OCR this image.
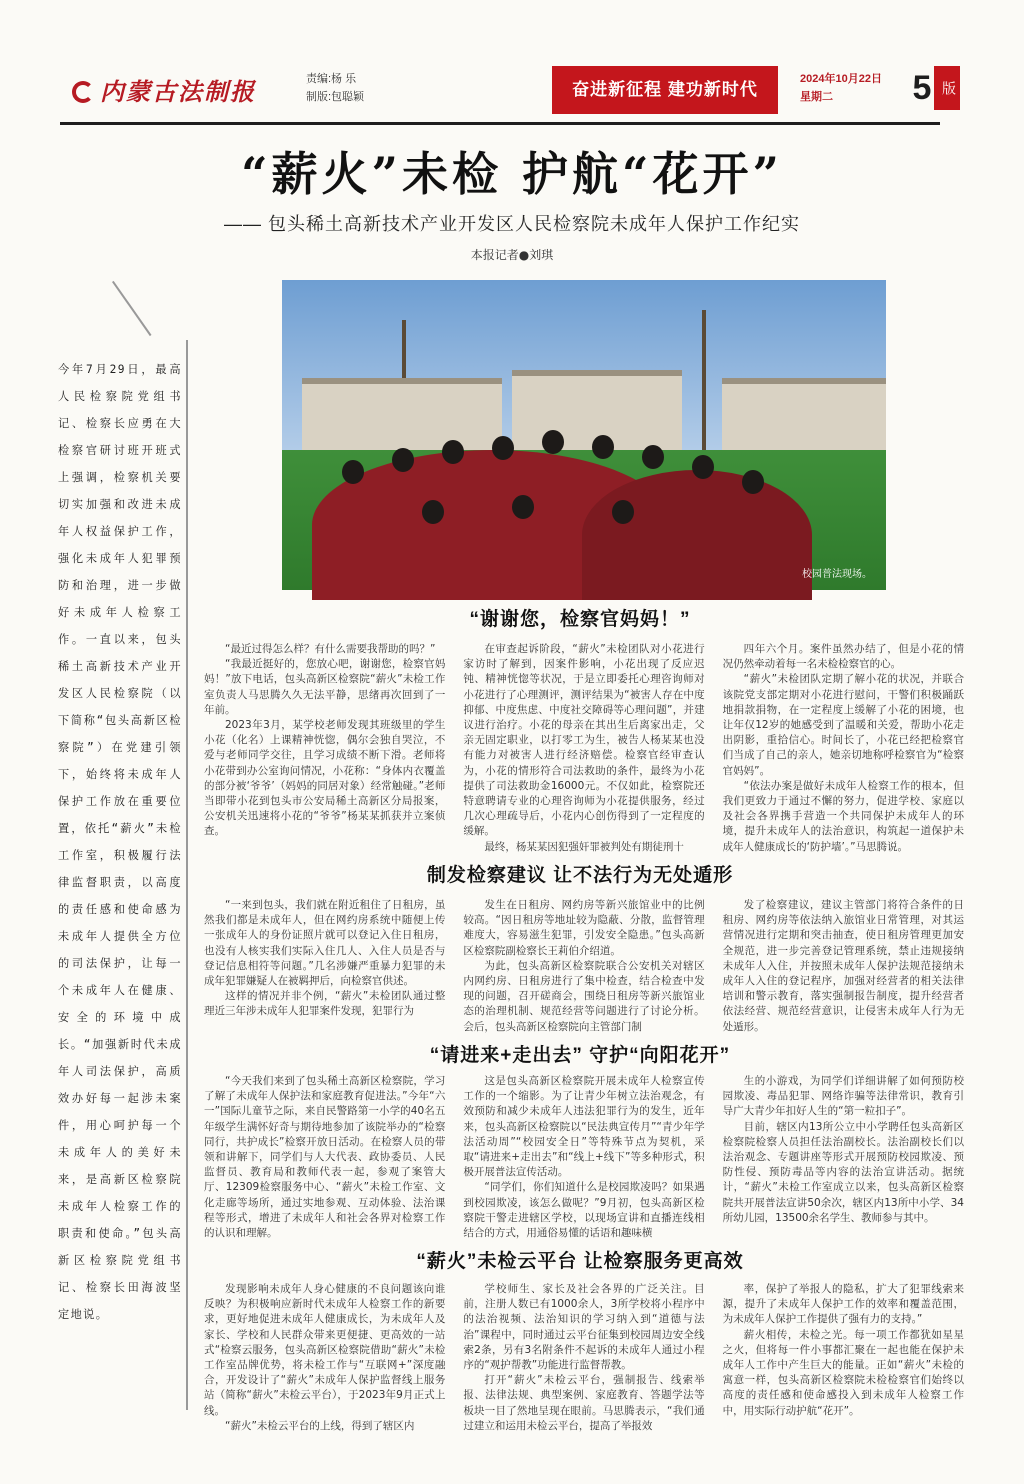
内蒙古法制报	责编:杨 乐
制版:包聪颖	奋进新征程 建功新时代
2024年10月22日
星期二	5 版
“薪火”未检 护航“花开”
—— 包头稀土高新技术产业开发区人民检察院未成年人保护工作纪实
本报记者●刘琪
校园普法现场。
今年7月29日，最高人民检察院党组书记、检察长应勇在大检察官研讨班开班式上强调，检察机关要切实加强和改进未成年人权益保护工作，强化未成年人犯罪预防和治理，进一步做好未成年人检察工作。一直以来，包头稀土高新技术产业开发区人民检察院（以下简称“包头高新区检察院”）在党建引领下，始终将未成年人保护工作放在重要位置，依托“薪火”未检工作室，积极履行法律监督职责，以高度的责任感和使命感为未成年人提供全方位的司法保护，让每一个未成年人在健康、安全的环境中成长。“加强新时代未成年人司法保护，高质效办好每一起涉未案件，用心呵护每一个未成年人的美好未来，是高新区检察院未成年人检察工作的职责和使命。”包头高新区检察院党组书记、检察长田海波坚定地说。
“谢谢您，检察官妈妈！”

“最近过得怎么样？有什么需要我帮助的吗？”

“我最近挺好的，您放心吧，谢谢您，检察官妈妈！”放下电话，包头高新区检察院“薪火”未检工作室负责人马思腾久久无法平静，思绪再次回到了一年前。

2023年3月，某学校老师发现其班级里的学生小花（化名）上课精神恍惚，偶尔会独自哭泣，不爱与老师同学交往，且学习成绩不断下滑。老师将小花带到办公室询问情况，小花称：“身体内衣覆盖的部分被‘爷爷’（妈妈的同居对象）经常触碰。”老师当即带小花到包头市公安局稀土高新区分局报案，公安机关迅速将小花的“爷爷”杨某某抓获并立案侦查。

在审查起诉阶段，“薪火”未检团队对小花进行家访时了解到，因案件影响，小花出现了反应迟钝、精神恍惚等状况，于是立即委托心理咨询师对小花进行了心理测评，测评结果为“被害人存在中度抑郁、中度焦虑、中度社交障碍等心理问题”，并建议进行治疗。小花的母亲在其出生后离家出走，父亲无固定职业，以打零工为生，被告人杨某某也没有能力对被害人进行经济赔偿。检察官经审查认为，小花的情形符合司法救助的条件，最终为小花提供了司法救助金16000元。不仅如此，检察院还特意聘请专业的心理咨询师为小花提供服务，经过几次心理疏导后，小花内心创伤得到了一定程度的缓解。

最终，杨某某因犯强奸罪被判处有期徒刑十

四年六个月。案件虽然办结了，但是小花的情况仍然牵动着每一名未检检察官的心。

“薪火”未检团队定期了解小花的状况，并联合该院党支部定期对小花进行慰问，干警们积极踊跃地捐款捐物，在一定程度上缓解了小花的困境，也让年仅12岁的她感受到了温暖和关爱，帮助小花走出阴影，重拾信心。时间长了，小花已经把检察官们当成了自己的亲人，她亲切地称呼检察官为“检察官妈妈”。

“依法办案是做好未成年人检察工作的根本，但我们更致力于通过不懈的努力，促进学校、家庭以及社会各界携手营造一个共同保护未成年人的环境，提升未成年人的法治意识，构筑起一道保护未成年人健康成长的‘防护墙’。”马思腾说。

制发检察建议 让不法行为无处遁形

“一来到包头，我们就在附近租住了日租房，虽然我们都是未成年人，但在网约房系统中随便上传一张成年人的身份证照片就可以登记入住日租房，也没有人核实我们实际入住几人、入住人员是否与登记信息相符等问题。”几名涉嫌严重暴力犯罪的未成年犯罪嫌疑人在被羁押后，向检察官供述。

这样的情况并非个例，“薪火”未检团队通过整理近三年涉未成年人犯罪案件发现，犯罪行为

发生在日租房、网约房等新兴旅馆业中的比例较高。“因日租房等地址较为隐蔽、分散，监督管理难度大，容易滋生犯罪，引发安全隐患。”包头高新区检察院副检察长王莉伯介绍道。

为此，包头高新区检察院联合公安机关对辖区内网约房、日租房进行了集中检查，结合检查中发现的问题，召开磋商会，围绕日租房等新兴旅馆业态的治理机制、规范经营等问题进行了讨论分析。会后，包头高新区检察院向主管部门制

发了检察建议，建议主管部门将符合条件的日租房、网约房等依法纳入旅馆业日常管理，对其运营情况进行定期和突击抽查，使日租房管理更加安全规范，进一步完善登记管理系统，禁止违规接纳未成年人入住，并按照未成年人保护法规范接纳未成年人入住的登记程序，加强对经营者的相关法律培训和警示教育，落实强制报告制度，提升经营者依法经营、规范经营意识，让侵害未成年人行为无处遁形。

“请进来+走出去” 守护“向阳花开”

“今天我们来到了包头稀土高新区检察院，学习了解了未成年人保护法和家庭教育促进法。”今年“六一”国际儿童节之际，来自民警路第一小学的40名五年级学生满怀好奇与期待地参加了该院举办的“检察同行，共护成长”检察开放日活动。在检察人员的带领和讲解下，同学们与人大代表、政协委员、人民监督员、教育局和教师代表一起，参观了案管大厅、12309检察服务中心、“薪火”未检工作室、文化走廊等场所，通过实地参观、互动体验、法治课程等形式，增进了未成年人和社会各界对检察工作的认识和理解。

这是包头高新区检察院开展未成年人检察宣传工作的一个缩影。为了让青少年树立法治观念，有效预防和减少未成年人违法犯罪行为的发生，近年来，包头高新区检察院以“民法典宣传月”“青少年学法活动周”“校园安全日”等特殊节点为契机，采取“请进来+走出去”和“线上+线下”等多种形式，积极开展普法宣传活动。

“同学们，你们知道什么是校园欺凌吗？如果遇到校园欺凌，该怎么做呢？”9月初，包头高新区检察院干警走进辖区学校，以现场宣讲和直播连线相结合的方式，用通俗易懂的话语和趣味横

生的小游戏，为同学们详细讲解了如何预防校园欺凌、毒品犯罪、网络诈骗等法律常识，教育引导广大青少年扣好人生的“第一粒扣子”。

目前，辖区内13所公立中小学聘任包头高新区检察院检察人员担任法治副校长。法治副校长们以法治观念、专题讲座等形式开展预防校园欺凌、预防性侵、预防毒品等内容的法治宣讲活动。据统计，“薪火”未检工作室成立以来，包头高新区检察院共开展普法宣讲50余次，辖区内13所中小学、34所幼儿园，13500余名学生、教师参与其中。

“薪火”未检云平台 让检察服务更高效

发现影响未成年人身心健康的不良问题该向谁反映？为积极响应新时代未成年人检察工作的新要求，更好地促进未成年人健康成长，为未成年人及家长、学校和人民群众带来更便捷、更高效的一站式“检察云服务，包头高新区检察院借助“薪火”未检工作室品牌优势，将未检工作与“互联网+”深度融合，开发设计了“薪火”未成年人保护监督线上服务站（简称“薪火”未检云平台），于2023年9月正式上线。

“薪火”未检云平台的上线，得到了辖区内

学校师生、家长及社会各界的广泛关注。目前，注册人数已有1000余人，3所学校将小程序中的法治视频、法治知识的学习纳入到“道德与法治”课程中，同时通过云平台征集到校园周边安全线索2条，另有3名附条件不起诉的未成年人通过小程序的“观护帮教”功能进行监督帮教。

打开“薪火”未检云平台，强制报告、线索举报、法律法规、典型案例、家庭教育、答题学法等板块一目了然地呈现在眼前。马思腾表示，“我们通过建立和运用未检云平台，提高了举报效

率，保护了举报人的隐私，扩大了犯罪线索来源，提升了未成年人保护工作的效率和覆盖范围，为未成年人保护工作提供了强有力的支持。”

薪火相传，未检之光。每一项工作都犹如星星之火，但将每一件小事都汇聚在一起也能在保护未成年人工作中产生巨大的能量。正如“薪火”未检的寓意一样，包头高新区检察院未检检察官们始终以高度的责任感和使命感投入到未成年人检察工作中，用实际行动护航“花开”。
